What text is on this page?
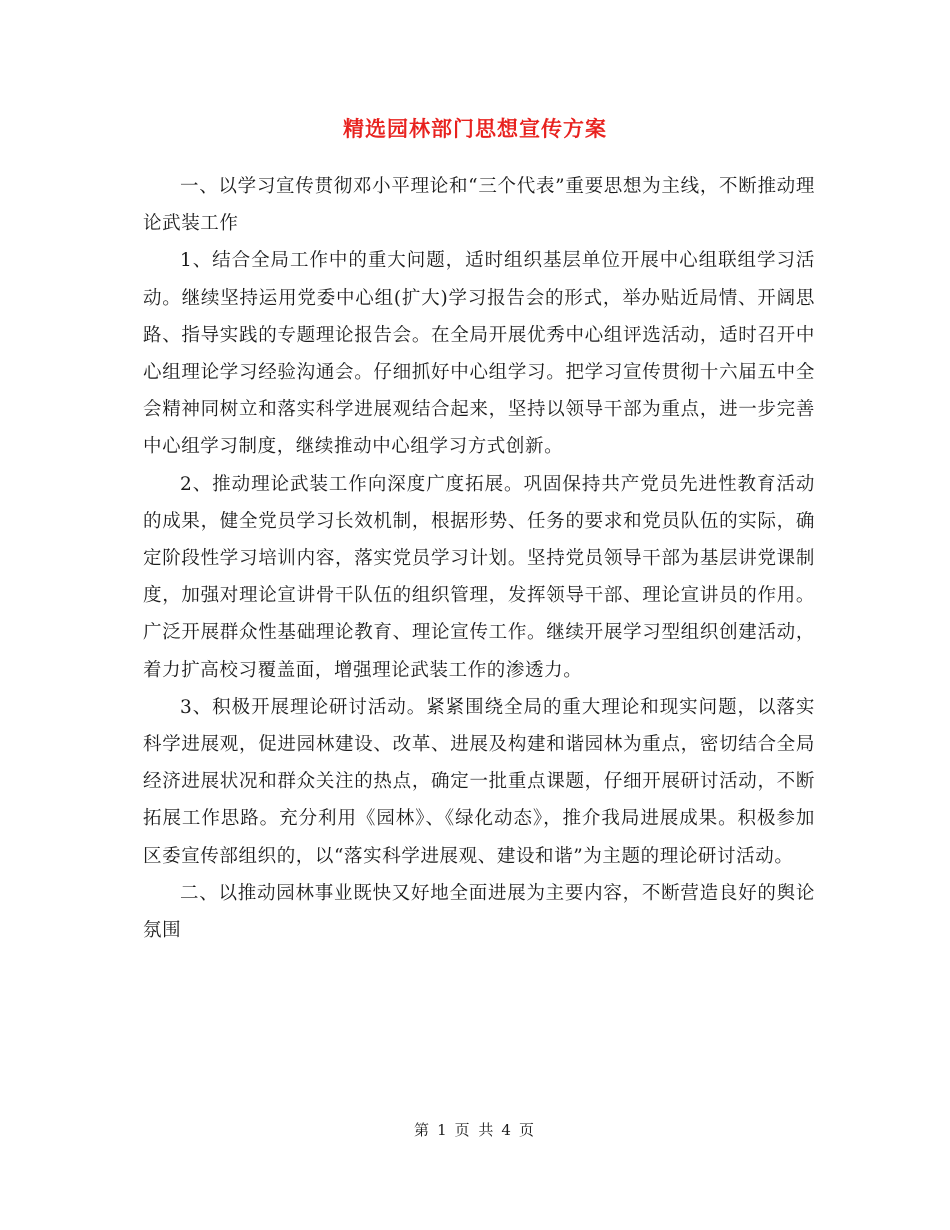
精选园林部门思想宣传方案

一、以学习宣传贯彻邓小平理论和“三个代表”重要思想为主线，不断推动理论武装工作

1、结合全局工作中的重大问题，适时组织基层单位开展中心组联组学习活动。继续坚持运用党委中心组(扩大)学习报告会的形式，举办贴近局情、开阔思路、指导实践的专题理论报告会。在全局开展优秀中心组评选活动，适时召开中心组理论学习经验沟通会。仔细抓好中心组学习。把学习宣传贯彻十六届五中全会精神同树立和落实科学进展观结合起来，坚持以领导干部为重点，进一步完善中心组学习制度，继续推动中心组学习方式创新。

2、推动理论武装工作向深度广度拓展。巩固保持共产党员先进性教育活动的成果，健全党员学习长效机制，根据形势、任务的要求和党员队伍的实际，确定阶段性学习培训内容，落实党员学习计划。坚持党员领导干部为基层讲党课制度，加强对理论宣讲骨干队伍的组织管理，发挥领导干部、理论宣讲员的作用。广泛开展群众性基础理论教育、理论宣传工作。继续开展学习型组织创建活动，着力扩高校习覆盖面，增强理论武装工作的渗透力。

3、积极开展理论研讨活动。紧紧围绕全局的重大理论和现实问题，以落实科学进展观，促进园林建设、改革、进展及构建和谐园林为重点，密切结合全局经济进展状况和群众关注的热点，确定一批重点课题，仔细开展研讨活动，不断拓展工作思路。充分利用《园林》、《绿化动态》，推介我局进展成果。积极参加区委宣传部组织的，以“落实科学进展观、建设和谐”为主题的理论研讨活动。

二、以推动园林事业既快又好地全面进展为主要内容，不断营造良好的舆论氛围

第 1 页 共 4 页
